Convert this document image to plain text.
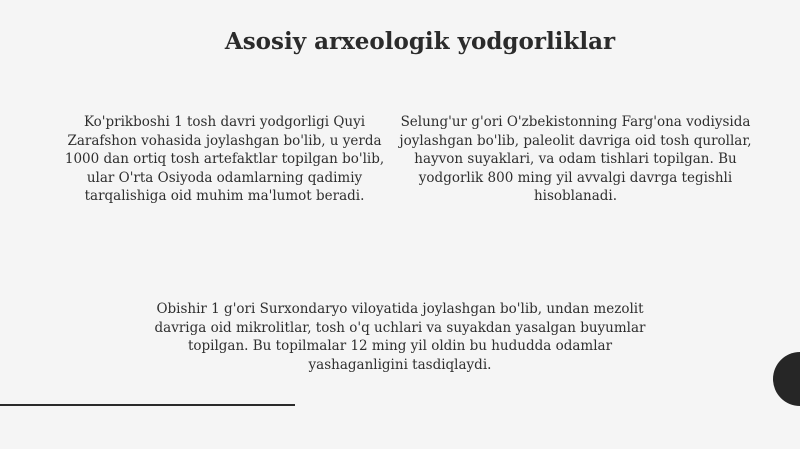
Asosiy arxeologik yodgorliklar
Ko'prikboshi 1 tosh davri yodgorligi Quyi Zarafshon vohasida joylashgan bo'lib, u yerda 1000 dan ortiq tosh artefaktlar topilgan bo'lib, ular O'rta Osiyoda odamlarning qadimiy tarqalishiga oid muhim ma'lumot beradi.
Selung'ur g'ori O'zbekistonning Farg'ona vodiysida joylashgan bo'lib, paleolit davriga oid tosh qurollar, hayvon suyaklari, va odam tishlari topilgan. Bu yodgorlik 800 ming yil avvalgi davrga tegishli hisoblanadi.
Obishir 1 g'ori Surxondaryo viloyatida joylashgan bo'lib, undan mezolit davriga oid mikrolitlar, tosh o'q uchlari va suyakdan yasalgan buyumlar topilgan. Bu topilmalar 12 ming yil oldin bu hududda odamlar yashaganligini tasdiqlaydi.
